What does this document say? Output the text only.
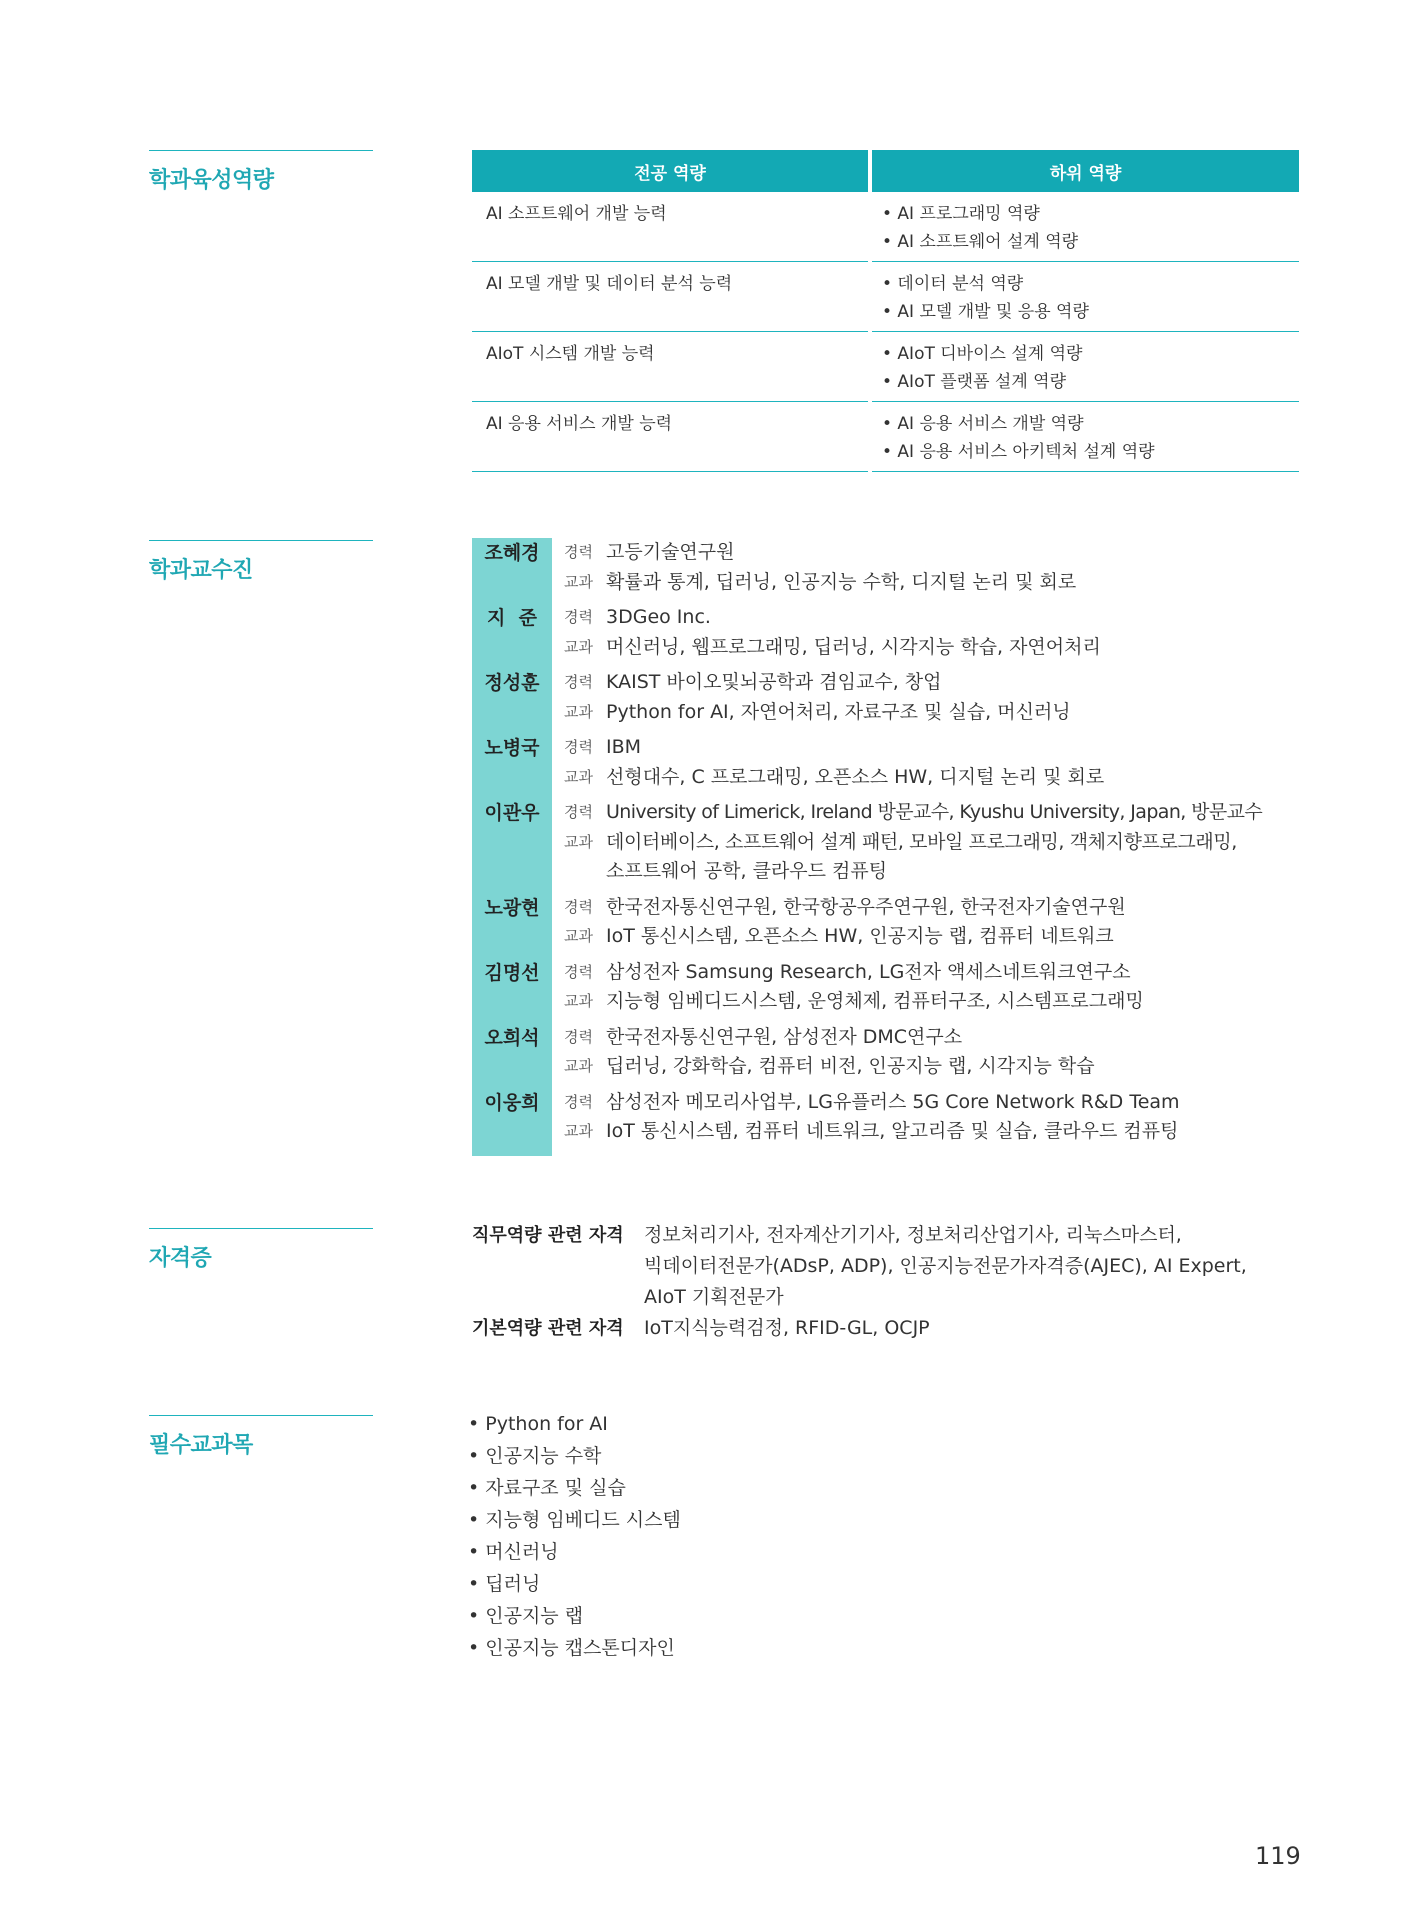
학과육성역량
학과교수진
자격증
필수교과목
전공 역량	하위 역량
AI 소프트웨어 개발 능력	• AI 프로그래밍 역량
• AI 소프트웨어 설계 역량
AI 모델 개발 및 데이터 분석 능력	• 데이터 분석 역량
• AI 모델 개발 및 응용 역량
AIoT 시스템 개발 능력	• AIoT 디바이스 설계 역량
• AIoT 플랫폼 설계 역량
AI 응용 서비스 개발 능력	• AI 응용 서비스 개발 역량
• AI 응용 서비스 아키텍처 설계 역량
조혜경	경력 고등기술연구원
교과 확률과 통계, 딥러닝, 인공지능 수학, 디지털 논리 및 회로
지  준	경력 3DGeo Inc.
교과 머신러닝, 웹프로그래밍, 딥러닝, 시각지능 학습, 자연어처리
정성훈	경력 KAIST 바이오및뇌공학과 겸임교수, 창업
교과 Python for AI, 자연어처리, 자료구조 및 실습, 머신러닝
노병국	경력 IBM
교과 선형대수, C 프로그래밍, 오픈소스 HW, 디지털 논리 및 회로
이관우	경력 University of Limerick, Ireland 방문교수, Kyushu University, Japan, 방문교수
교과 데이터베이스, 소프트웨어 설계 패턴, 모바일 프로그래밍, 객체지향프로그래밍,
소프트웨어 공학, 클라우드 컴퓨팅
노광현	경력 한국전자통신연구원, 한국항공우주연구원, 한국전자기술연구원
교과 IoT 통신시스템, 오픈소스 HW, 인공지능 랩, 컴퓨터 네트워크
김명선	경력 삼성전자 Samsung Research, LG전자 액세스네트워크연구소
교과 지능형 임베디드시스템, 운영체제, 컴퓨터구조, 시스템프로그래밍
오희석	경력 한국전자통신연구원, 삼성전자 DMC연구소
교과 딥러닝, 강화학습, 컴퓨터 비전, 인공지능 랩, 시각지능 학습
이웅희	경력 삼성전자 메모리사업부, LG유플러스 5G Core Network R&D Team
교과 IoT 통신시스템, 컴퓨터 네트워크, 알고리즘 및 실습, 클라우드 컴퓨팅
직무역량 관련 자격	정보처리기사, 전자계산기기사, 정보처리산업기사, 리눅스마스터,
빅데이터전문가(ADsP, ADP), 인공지능전문가자격증(AJEC), AI Expert,
AIoT 기획전문가
기본역량 관련 자격	IoT지식능력검정, RFID-GL, OCJP
• Python for AI
• 인공지능 수학
• 자료구조 및 실습
• 지능형 임베디드 시스템
• 머신러닝
• 딥러닝
• 인공지능 랩
• 인공지능 캡스톤디자인
119
